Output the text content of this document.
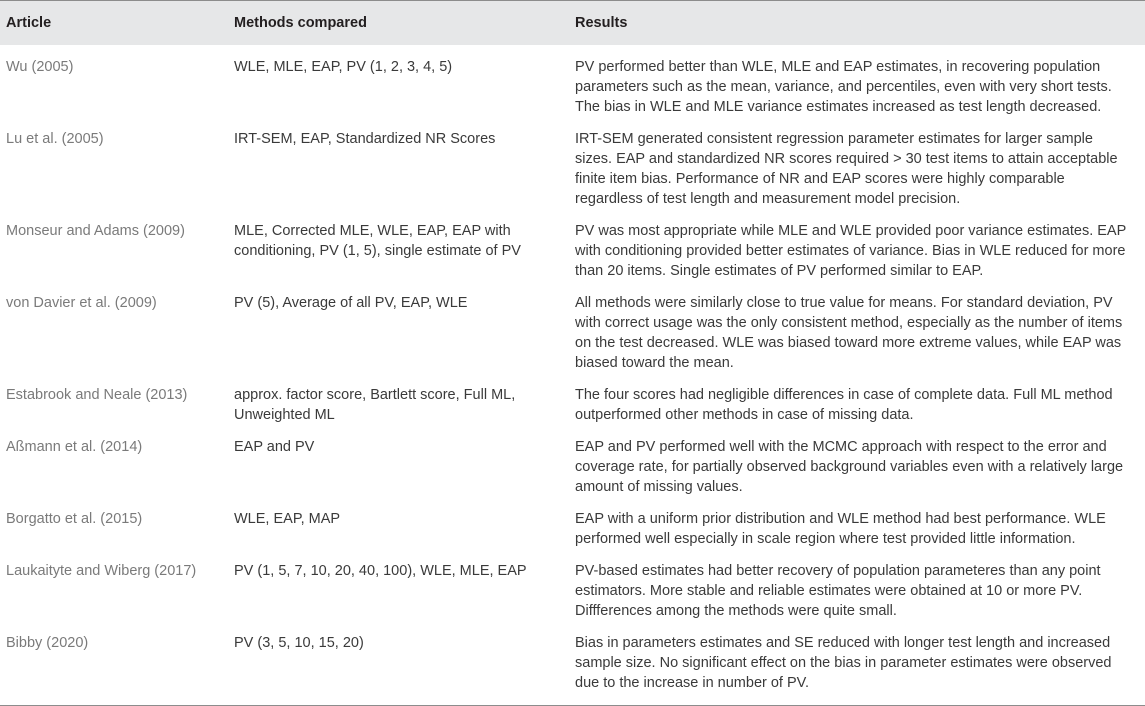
Article	Methods compared	Results
Wu (2005)	WLE, MLE, EAP, PV (1, 2, 3, 4, 5)	PV performed better than WLE, MLE and EAP estimates, in recovering population parameters such as the mean, variance, and percentiles, even with very short tests. The bias in WLE and MLE variance estimates increased as test length decreased.
Lu et al. (2005)	IRT-SEM, EAP, Standardized NR Scores	IRT-SEM generated consistent regression parameter estimates for larger sample sizes. EAP and standardized NR scores required > 30 test items to attain acceptable finite item bias. Performance of NR and EAP scores were highly comparable regardless of test length and measurement model precision.
Monseur and Adams (2009)	MLE, Corrected MLE, WLE, EAP, EAP with conditioning, PV (1, 5), single estimate of PV	PV was most appropriate while MLE and WLE provided poor variance estimates. EAP with conditioning provided better estimates of variance. Bias in WLE reduced for more than 20 items. Single estimates of PV performed similar to EAP.
von Davier et al. (2009)	PV (5), Average of all PV, EAP, WLE	All methods were similarly close to true value for means. For standard deviation, PV with correct usage was the only consistent method, especially as the number of items on the test decreased. WLE was biased toward more extreme values, while EAP was biased toward the mean.
Estabrook and Neale (2013)	approx. factor score, Bartlett score, Full ML, Unweighted ML	The four scores had negligible differences in case of complete data. Full ML method outperformed other methods in case of missing data.
Aßmann et al. (2014)	EAP and PV	EAP and PV performed well with the MCMC approach with respect to the error and coverage rate, for partially observed background variables even with a relatively large amount of missing values.
Borgatto et al. (2015)	WLE, EAP, MAP	EAP with a uniform prior distribution and WLE method had best performance. WLE performed well especially in scale region where test provided little information.
Laukaityte and Wiberg (2017)	PV (1, 5, 7, 10, 20, 40, 100), WLE, MLE, EAP	PV-based estimates had better recovery of population parameteres than any point estimators. More stable and reliable estimates were obtained at 10 or more PV. Diffferences among the methods were quite small.
Bibby (2020)	PV (3, 5, 10, 15, 20)	Bias in parameters estimates and SE reduced with longer test length and increased sample size. No significant effect on the bias in parameter estimates were observed due to the increase in number of PV.
